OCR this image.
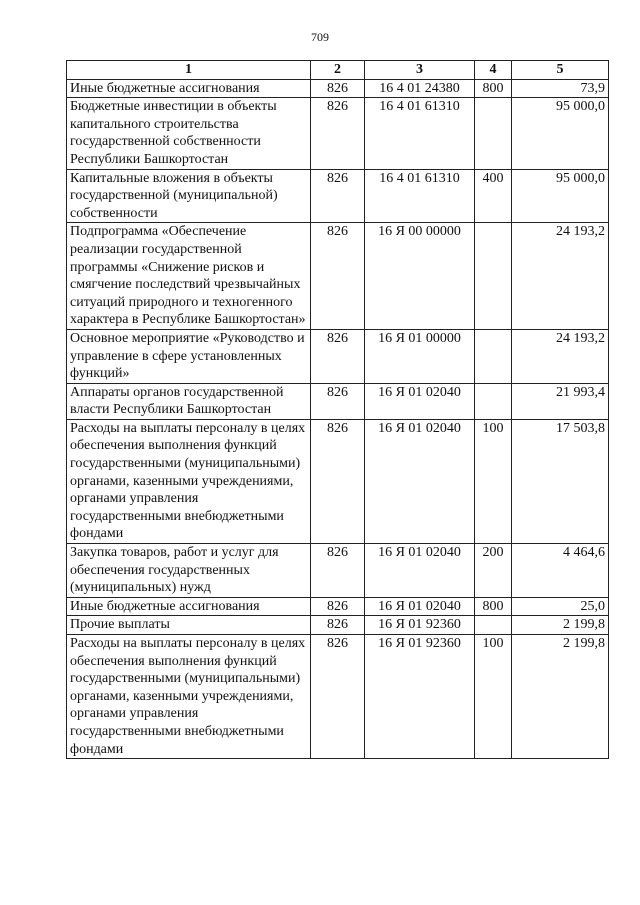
709
1	2	3	4	5
Иные бюджетные ассигнования	826	16 4 01 24380	800	73,9
Бюджетные инвестиции в объекты капитального строительства государственной собственности Республики Башкортостан	826	16 4 01 61310		95 000,0
Капитальные вложения в объекты государственной (муниципальной) собственности	826	16 4 01 61310	400	95 000,0
Подпрограмма «Обеспечение реализации государственной программы «Снижение рисков и смягчение последствий чрезвычайных ситуаций природного и техногенного характера в Республике Башкортостан»	826	16 Я 00 00000		24 193,2
Основное мероприятие «Руководство и управление в сфере установленных функций»	826	16 Я 01 00000		24 193,2
Аппараты органов государственной власти Республики Башкортостан	826	16 Я 01 02040		21 993,4
Расходы на выплаты персоналу в целях обеспечения выполнения функций государственными (муниципальными) органами, казенными учреждениями, органами управления государственными внебюджетными фондами	826	16 Я 01 02040	100	17 503,8
Закупка товаров, работ и услуг для обеспечения государственных (муниципальных) нужд	826	16 Я 01 02040	200	4 464,6
Иные бюджетные ассигнования	826	16 Я 01 02040	800	25,0
Прочие выплаты	826	16 Я 01 92360		2 199,8
Расходы на выплаты персоналу в целях обеспечения выполнения функций государственными (муниципальными) органами, казенными учреждениями, органами управления государственными внебюджетными фондами	826	16 Я 01 92360	100	2 199,8
